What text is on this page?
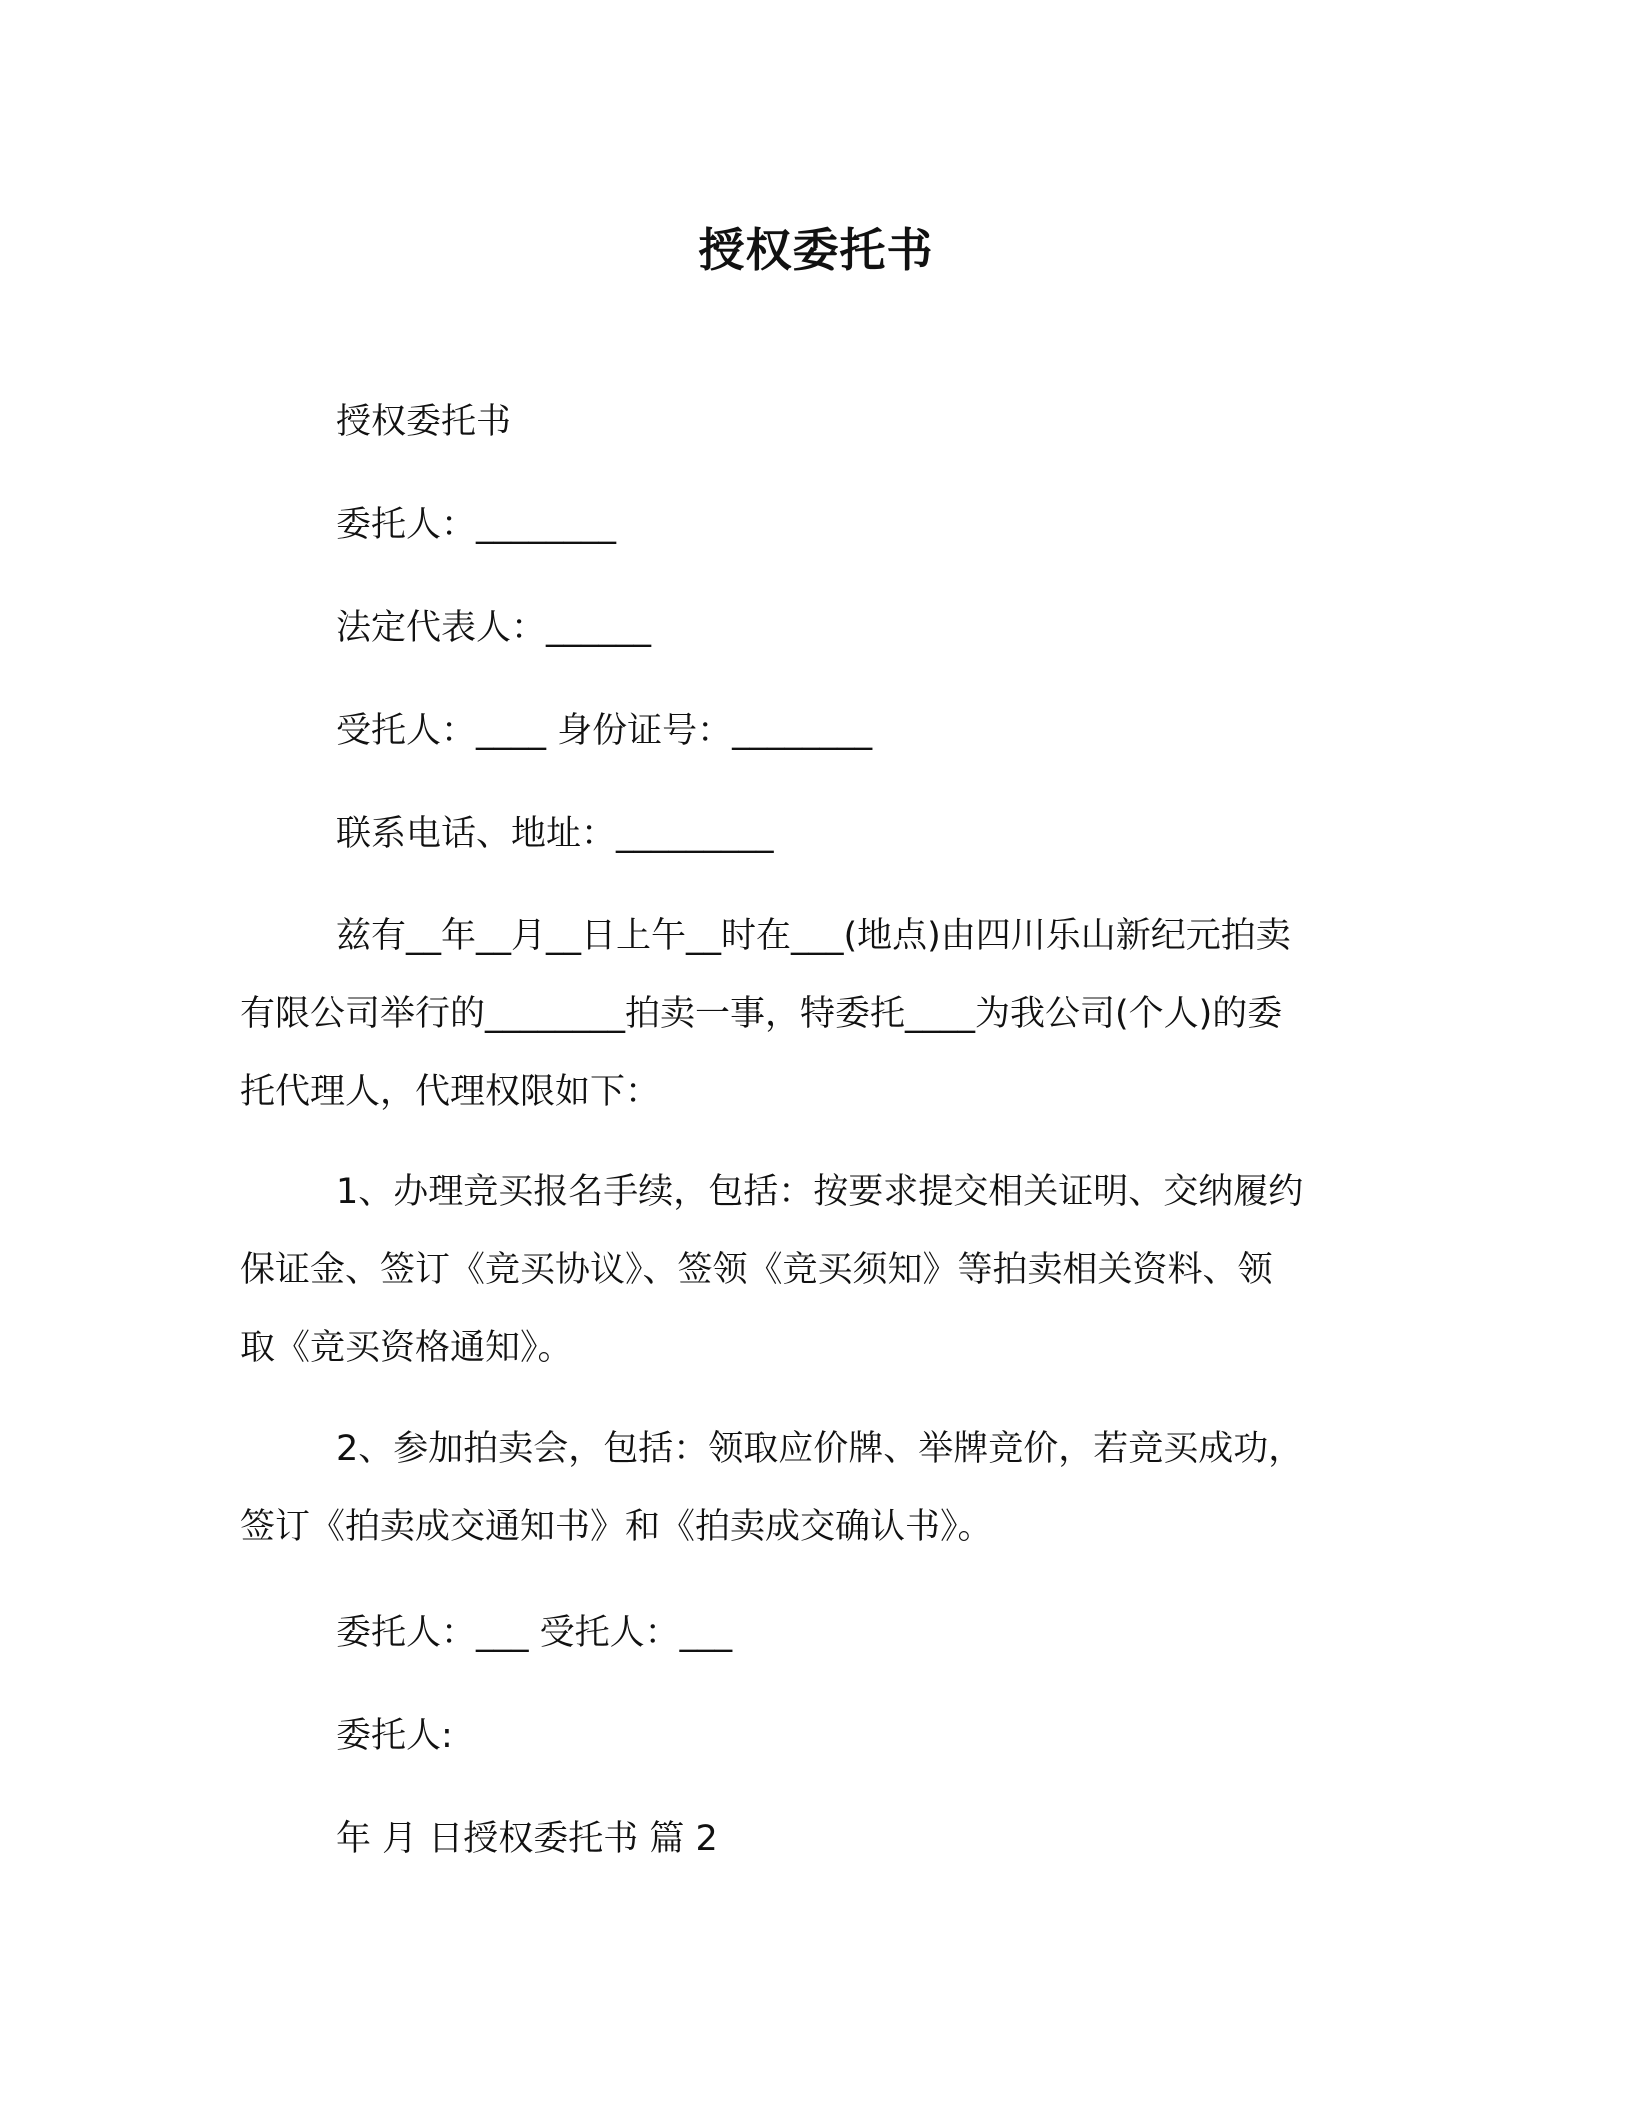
授权委托书
授权委托书
委托人：________
法定代表人：______
受托人：____ 身份证号：________
联系电话、地址：_________
兹有__年__月__日上午__时在___(地点)由四川乐山新纪元拍卖
有限公司举行的________拍卖一事，特委托____为我公司(个人)的委
托代理人，代理权限如下：
1、办理竞买报名手续，包括：按要求提交相关证明、交纳履约
保证金、签订《竞买协议》、签领《竞买须知》等拍卖相关资料、领
取《竞买资格通知》。
2、参加拍卖会，包括：领取应价牌、举牌竞价，若竞买成功，
签订《拍卖成交通知书》和《拍卖成交确认书》。
委托人：___ 受托人：___
委托人:
年 月 日授权委托书 篇 2
